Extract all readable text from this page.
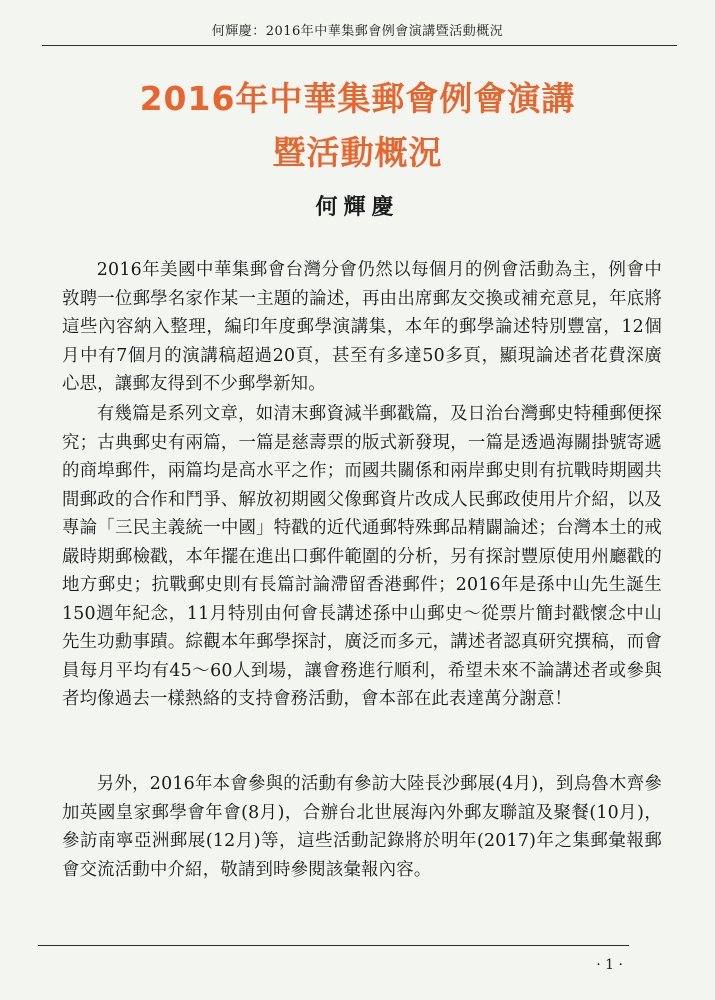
何輝慶：2016年中華集郵會例會演講暨活動概況
2016年中華集郵會例會演講
暨活動概況
何輝慶

2016年美國中華集郵會台灣分會仍然以每個月的例會活動為主，例會中敦聘一位郵學名家作某一主題的論述，再由出席郵友交換或補充意見，年底將這些內容納入整理，編印年度郵學演講集，本年的郵學論述特別豐富，12個月中有7個月的演講稿超過20頁，甚至有多達50多頁，顯現論述者花費深廣心思，讓郵友得到不少郵學新知。

有幾篇是系列文章，如清末郵資減半郵戳篇，及日治台灣郵史特種郵便探究；古典郵史有兩篇，一篇是慈壽票的版式新發現，一篇是透過海關掛號寄遞的商埠郵件，兩篇均是高水平之作；而國共關係和兩岸郵史則有抗戰時期國共間郵政的合作和鬥爭、解放初期國父像郵資片改成人民郵政使用片介紹，以及專論「三民主義統一中國」特戳的近代通郵特殊郵品精闢論述；台灣本土的戒嚴時期郵檢戳，本年擺在進出口郵件範圍的分析，另有探討豐原使用州廳戳的地方郵史；抗戰郵史則有長篇討論滯留香港郵件；2016年是孫中山先生誕生150週年紀念，11月特別由何會長講述孫中山郵史～從票片簡封戳懷念中山先生功勳事蹟。綜觀本年郵學探討，廣泛而多元，講述者認真研究撰稿，而會員每月平均有45～60人到場，讓會務進行順利，希望未來不論講述者或參與者均像過去一樣熱絡的支持會務活動，會本部在此表達萬分謝意！

另外，2016年本會參與的活動有參訪大陸長沙郵展(4月)，到烏魯木齊參加英國皇家郵學會年會(8月)，合辦台北世展海內外郵友聯誼及聚餐(10月)，參訪南寧亞洲郵展(12月)等，這些活動記錄將於明年(2017)年之集郵彙報郵會交流活動中介紹，敬請到時參閱該彙報內容。

· 1 ·
